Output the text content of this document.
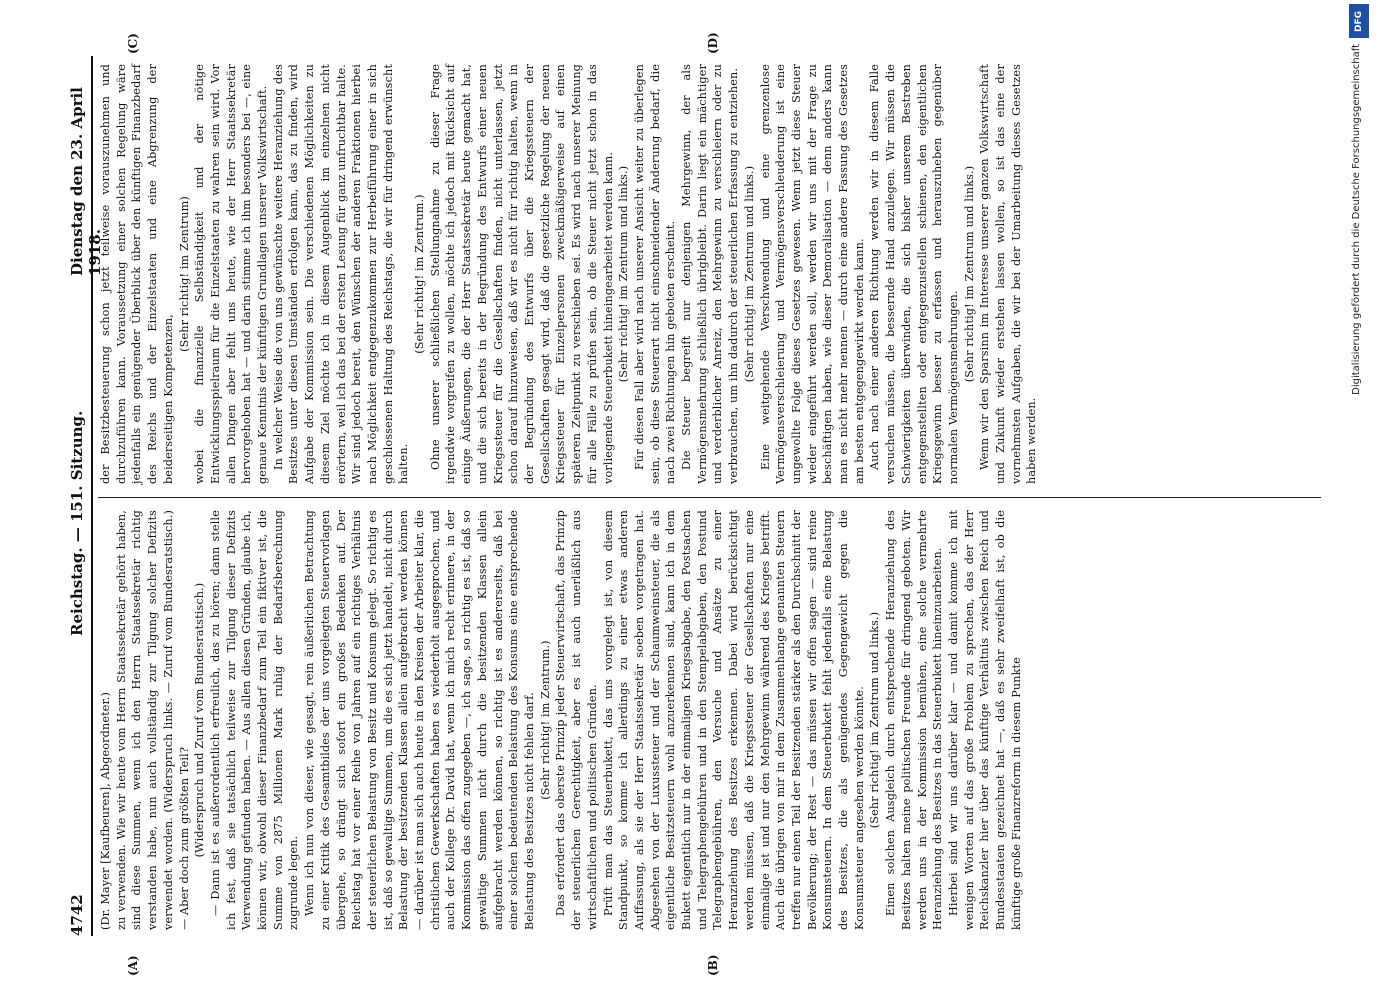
4742
Reichstag. — 151. Sitzung.
Dienstag den 23. April 1918.
(A)	(B)
(C)	(D)

(Dr. Mayer [Kaufbeuren], Abgeordneter.) zu verwenden. Wie wir heute vom Herrn Staatssekretär gehört haben, sind diese Summen, wenn ich den Herrn Staatssekretär richtig verstanden habe, nun auch vollständig zur Tilgung solcher Defizits verwendet worden. (Widerspruch links. — Zuruf vom Bundesratstisch.) — Aber doch zum größten Teil? (Widerspruch und Zuruf vom Bundesratstisch.) — Dann ist es außerordentlich erfreulich, das zu hören; dann stelle ich fest, daß sie tatsächlich teilweise zur Tilgung dieser Defizits Verwendung gefunden haben. — Aus allen diesen Gründen, glaube ich, können wir, obwohl dieser Finanzbedarf zum Teil ein fiktiver ist, die Summe von 2875 Millionen Mark ruhig der Bedarfsberechnung zugrunde legen. Wenn ich nun von dieser, wie gesagt, rein äußerlichen Betrachtung zu einer Kritik des Gesamtbildes der uns vorgelegten Steuervorlagen übergehe, so drängt sich sofort ein großes Bedenken auf. Der Reichstag hat vor einer Reihe von Jahren auf ein richtiges Verhältnis der steuerlichen Belastung von Besitz und Konsum gelegt. So richtig es ist, daß so gewaltige Summen, um die es sich jetzt handelt, nicht durch Belastung der besitzenden Klassen allein aufgebracht werden können — darüber ist man sich auch heute in den Kreisen der Arbeiter klar, die christlichen Gewerkschaften haben es wiederholt ausgesprochen, und auch der Kollege Dr. David hat, wenn ich mich recht erinnere, in der Kommission das offen zugegeben —, ich sage, so richtig es ist, daß so gewaltige Summen nicht durch die besitzenden Klassen allein aufgebracht werden können, so richtig ist es andererseits, daß bei einer solchen bedeutenden Belastung des Konsums eine entsprechende Belastung des Besitzes nicht fehlen darf. (Sehr richtig! im Zentrum.) Das erfordert das oberste Prinzip jeder Steuerwirtschaft, das Prinzip der steuerlichen Gerechtigkeit, aber es ist auch unerläßlich aus wirtschaftlichen und politischen Gründen. Prüft man das Steuerbukett, das uns vorgelegt ist, von diesem Standpunkt, so komme ich allerdings zu einer etwas anderen Auffassung, als sie der Herr Staatssekretär soeben vorgetragen hat. Abgesehen von der Luxussteuer und der Schaumweinsteuer, die als eigentliche Besitzsteuern wohl anzuerkennen sind, kann ich in dem Bukett eigentlich nur in der einmaligen Kriegsabgabe, den Postsachen und Telegraphengebühren und in den Stempelabgaben, den Postund Telegraphengebühren, den Versuche und Ansätze zu einer Heranziehung des Besitzes erkennen. Dabei wird berücksichtigt werden müssen, daß die Kriegssteuer der Gesellschaften nur eine einmalige ist und nur den Mehrgewinn während des Krieges betrifft. Auch die übrigen von mir in dem Zusammenhange genannten Steuern treffen nur einen Teil der Besitzenden stärker als den Durchschnitt der Bevölkerung; der Rest — das müssen wir offen sagen — sind reine Konsumsteuern. In dem Steuerbukett fehlt jedenfalls eine Belastung des Besitzes, die als genügendes Gegengewicht gegen die Konsumsteuer angesehen werden könnte. (Sehr richtig! im Zentrum und links.) Einen solchen Ausgleich durch entsprechende Heranziehung des Besitzes halten meine politischen Freunde für dringend geboten. Wir werden uns in der Kommission bemühen, eine solche vermehrte Heranziehung des Besitzes in das Steuerbukett hineinzuarbeiten. Hierbei sind wir uns darüber klar — und damit komme ich mit wenigen Worten auf das große Problem zu sprechen, das der Herr Reichskanzler hier über das künftige Verhältnis zwischen Reich und Bundesstaaten gezeichnet hat —, daß es sehr zweifelhaft ist, ob die künftige große Finanzreform in diesem Punkte

der Besitzbesteuerung schon jetzt teilweise vorauszunehmen und durchzuführen kann. Voraussetzung einer solchen Regelung wäre jedenfalls ein genügender Überblick über den künftigen Finanzbedarf des Reichs und der Einzelstaaten und eine Abgrenzung der beiderseitigen Kompetenzen,

(Sehr richtig! im Zentrum) wobei die finanzielle Selbständigkeit und der nötige Entwicklungsspielraum für die Einzelstaaten zu wahren sein wird. Vor allen Dingen aber fehlt uns heute, wie der Herr Staatssekretär hervorgehoben hat — und darin stimme ich ihm besonders bei —, eine genaue Kenntnis der künftigen Grundlagen unserer Volkswirtschaft. In welcher Weise die von uns gewünschte weitere Heranziehung des Besitzes unter diesen Umständen erfolgen kann, das zu finden, wird Aufgabe der Kommission sein. Die verschiedenen Möglichkeiten zu diesem Ziel möchte ich in diesem Augenblick im einzelnen nicht erörtern, weil ich das bei der ersten Lesung für ganz unfruchtbar halte. Wir sind jedoch bereit, den Wünschen der anderen Fraktionen hierbei nach Möglichkeit entgegenzukommen zur Herbeiführung einer in sich geschlossenen Haltung des Reichstags, die wir für dringend erwünscht halten.

(Sehr richtig! im Zentrum.) Ohne unserer schließlichen Stellungnahme zu dieser Frage irgendwie vorgreifen zu wollen, möchte ich jedoch mit Rücksicht auf einige Äußerungen, die der Herr Staatssekretär heute gemacht hat, und die sich bereits in der Begründung des Entwurfs einer neuen Kriegssteuer für die Gesellschaften finden, nicht unterlassen, jetzt schon darauf hinzuweisen, daß wir es nicht für richtig halten, wenn in der Begründung des Entwurfs über die Kriegssteuern der Gesellschaften gesagt wird, daß die gesetzliche Regelung der neuen Kriegssteuer für Einzelpersonen zweckmäßigerweise auf einen späteren Zeitpunkt zu verschieben sei. Es wird nach unserer Meinung für alle Fälle zu prüfen sein, ob die Steuer nicht jetzt schon in das vorliegende Steuerbukett hineingearbeitet werden kann. (Sehr richtig! im Zentrum und links.) Für diesen Fall aber wird nach unserer Ansicht weiter zu überlegen sein, ob diese Steuerart nicht einschneidender Änderung bedarf, die nach zwei Richtungen hin geboten erscheint. Die Steuer begreift nur denjenigen Mehrgewinn, der als Vermögensmehrung schließlich übrigbleibt. Darin liegt ein mächtiger und verderblicher Anreiz, den Mehrgewinn zu verschleiern oder zu verbrauchen, um ihn dadurch der steuerlichen Erfassung zu entziehen. (Sehr richtig! im Zentrum und links.) Eine weitgehende Verschwendung und eine grenzenlose Vermögensverschleierung und Vermögensverschleuderung ist eine ungewollte Folge dieses Gesetzes gewesen. Wenn jetzt diese Steuer wieder eingeführt werden soll, werden wir uns mit der Frage zu beschäftigen haben, wie dieser Demoralisation — denn anders kann man es nicht mehr nennen — durch eine andere Fassung des Gesetzes am besten entgegengewirkt werden kann. Auch nach einer anderen Richtung werden wir in diesem Falle versuchen müssen, die bessernde Hand anzulegen. Wir müssen die Schwierigkeiten überwinden, die sich bisher unserem Bestreben entgegenstellten oder entgegenzustellen schienen, den eigentlichen Kriegsgewinn besser zu erfassen und herauszuheben gegenüber normalen Vermögensmehrungen.

(Sehr richtig! im Zentrum und links.) Wenn wir den Sparsinn im Interesse unserer ganzen Volkswirtschaft und Zukunft wieder erstehen lassen wollen, so ist das eine der vornehmsten Aufgaben, die wir bei der Umarbeitung dieses Gesetzes haben werden.

DFG
Digitalisierung gefördert durch die Deutsche Forschungsgemeinschaft
